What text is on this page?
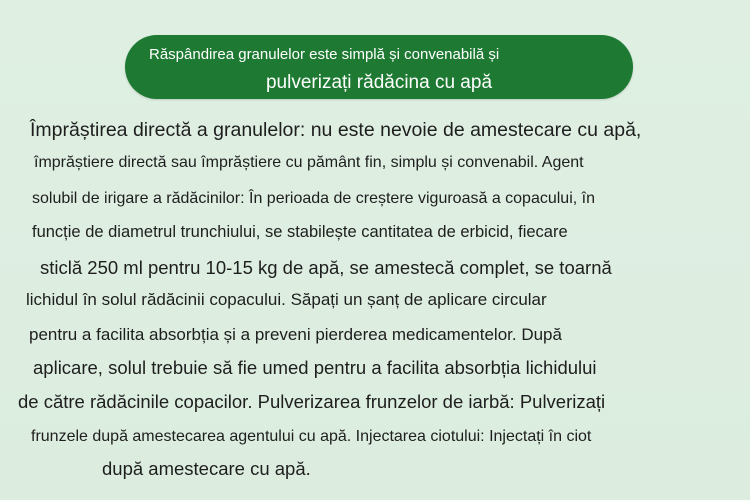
Răspândirea granulelor este simplă și convenabilă și
pulverizați rădăcina cu apă
Împrăștirea directă a granulelor: nu este nevoie de amestecare cu apă,
împrăștiere directă sau împrăștiere cu pământ fin, simplu și convenabil. Agent
solubil de irigare a rădăcinilor: În perioada de creștere viguroasă a copacului, în
funcție de diametrul trunchiului, se stabilește cantitatea de erbicid, fiecare
sticlă 250 ml pentru 10-15 kg de apă, se amestecă complet, se toarnă
lichidul în solul rădăcinii copacului. Săpați un șanț de aplicare circular
pentru a facilita absorbția și a preveni pierderea medicamentelor. După
aplicare, solul trebuie să fie umed pentru a facilita absorbția lichidului
de către rădăcinile copacilor. Pulverizarea frunzelor de iarbă: Pulverizați
frunzele după amestecarea agentului cu apă. Injectarea ciotului: Injectați în ciot
după amestecare cu apă.
